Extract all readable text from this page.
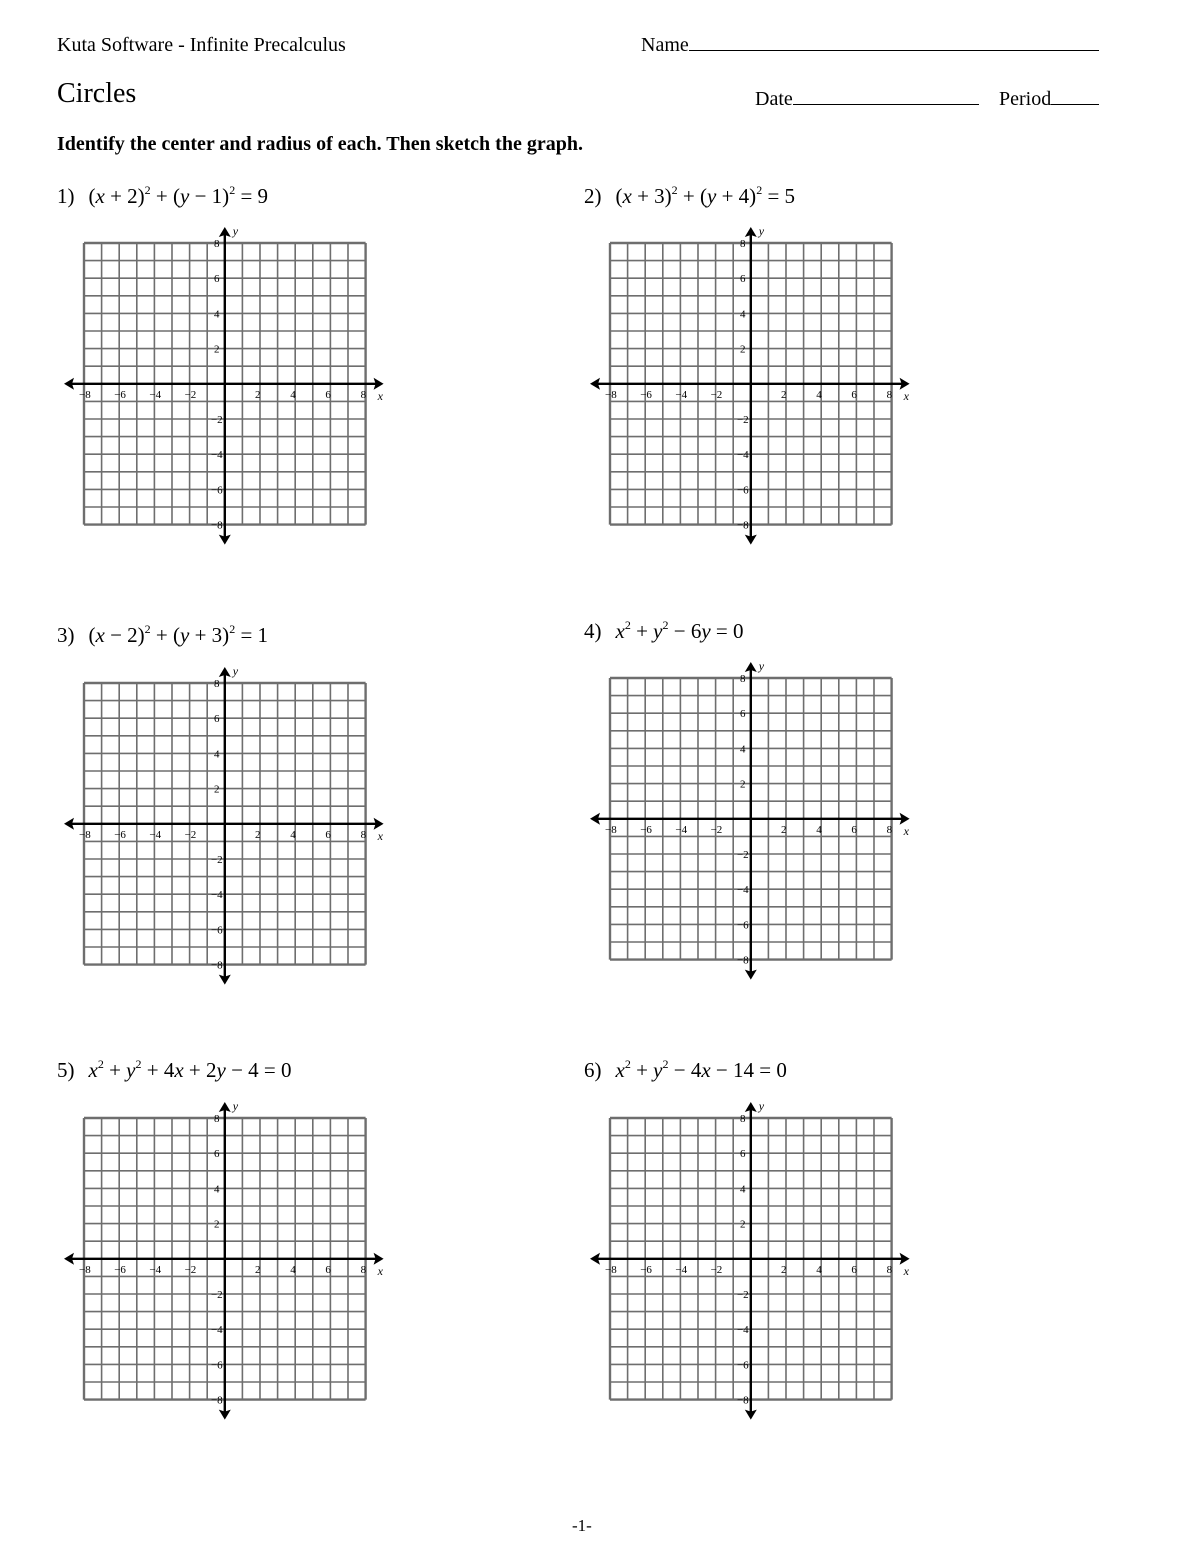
Kuta Software - Infinite Precalculus	Name
Circles	Date	Period
Identify the center and radius of each. Then sketch the graph.
1) $(x + 2)^2 + (y - 1)^2 = 9$	2) $(x + 3)^2 + (y + 4)^2 = 5$
3) $(x - 2)^2 + (y + 3)^2 = 1$	4) $x^2 + y^2 - 6y = 0$
5) $x^2 + y^2 + 4x + 2y - 4 = 0$	6) $x^2 + y^2 - 4x - 14 = 0$
x
y
−8 −6 −4 −2	2	4	6	8
8
6
4
2
−2
−4
−6
−8
x
y
−8 −6 −4 −2	2	4	6	8
8
6
4
2
−2
−4
−6
−8
x
y
−8 −6 −4 −2	2	4	6	8
8
6
4
2
−2
−4
−6
−8
x
y
−8 −6 −4 −2	2	4	6	8
8
6
4
2
−2
−4
−6
−8
x
y
−8 −6 −4 −2	2	4	6	8
8
6
4
2
−2
−4
−6
−8
x
y
−8 −6 −4 −2	2	4	6	8
8
6
4
2
−2
−4
−6
−8
-1-
